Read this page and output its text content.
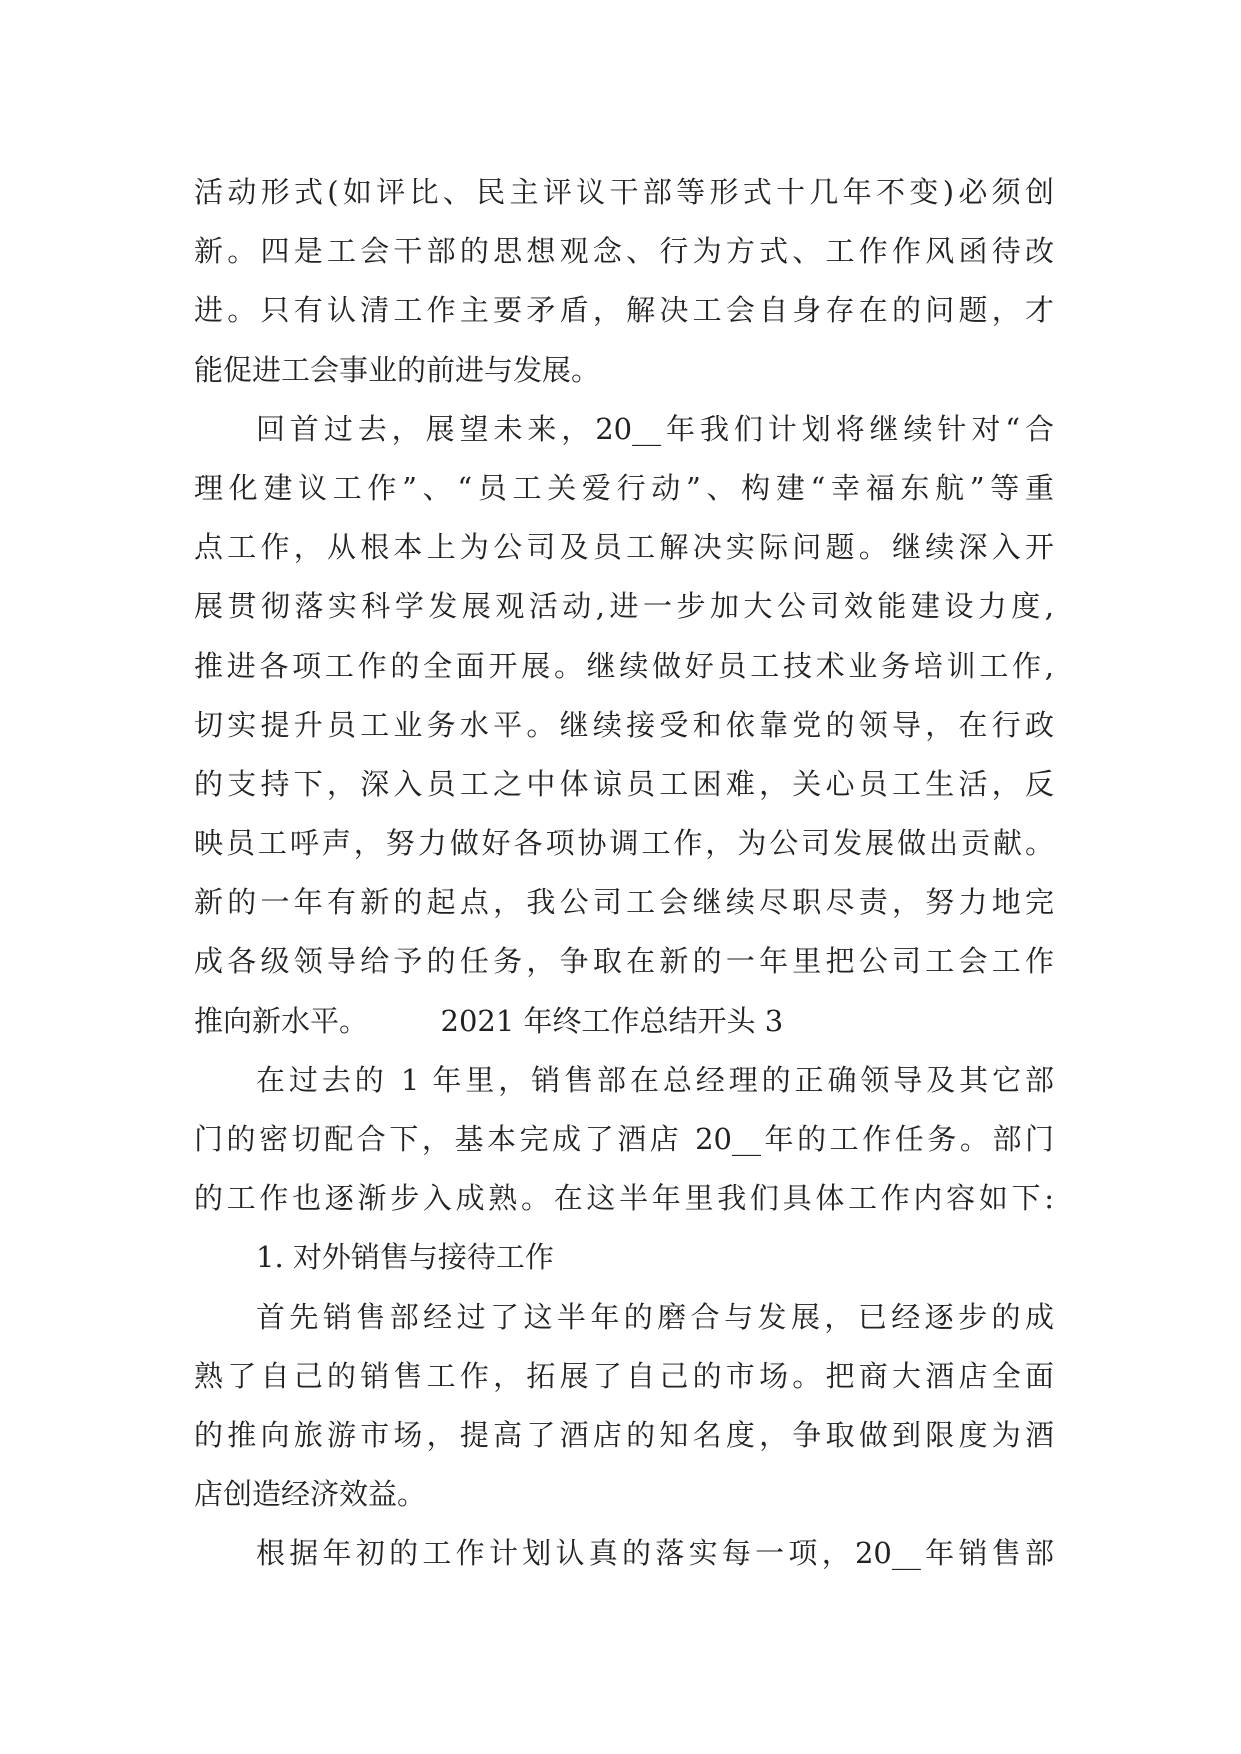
活动形式(如评比、民主评议干部等形式十几年不变)必须创
新。四是工会干部的思想观念、行为方式、工作作风函待改
进。只有认清工作主要矛盾，解决工会自身存在的问题，才
能促进工会事业的前进与发展。
回首过去，展望未来，20__年我们计划将继续针对“合
理化建议工作”、“员工关爱行动”、构建“幸福东航”等重
点工作，从根本上为公司及员工解决实际问题。继续深入开
展贯彻落实科学发展观活动,进一步加大公司效能建设力度,
推进各项工作的全面开展。继续做好员工技术业务培训工作,
切实提升员工业务水平。继续接受和依靠党的领导，在行政
的支持下，深入员工之中体谅员工困难，关心员工生活，反
映员工呼声，努力做好各项协调工作，为公司发展做出贡献。
新的一年有新的起点，我公司工会继续尽职尽责，努力地完
成各级领导给予的任务，争取在新的一年里把公司工会工作
推向新水平。　　　2021 年终工作总结开头 3
在过去的 1 年里，销售部在总经理的正确领导及其它部
门的密切配合下，基本完成了酒店 20__年的工作任务。部门
的工作也逐渐步入成熟。在这半年里我们具体工作内容如下:
1. 对外销售与接待工作
首先销售部经过了这半年的磨合与发展，已经逐步的成
熟了自己的销售工作，拓展了自己的市场。把商大酒店全面
的推向旅游市场，提高了酒店的知名度，争取做到限度为酒
店创造经济效益。
根据年初的工作计划认真的落实每一项，20__年销售部
